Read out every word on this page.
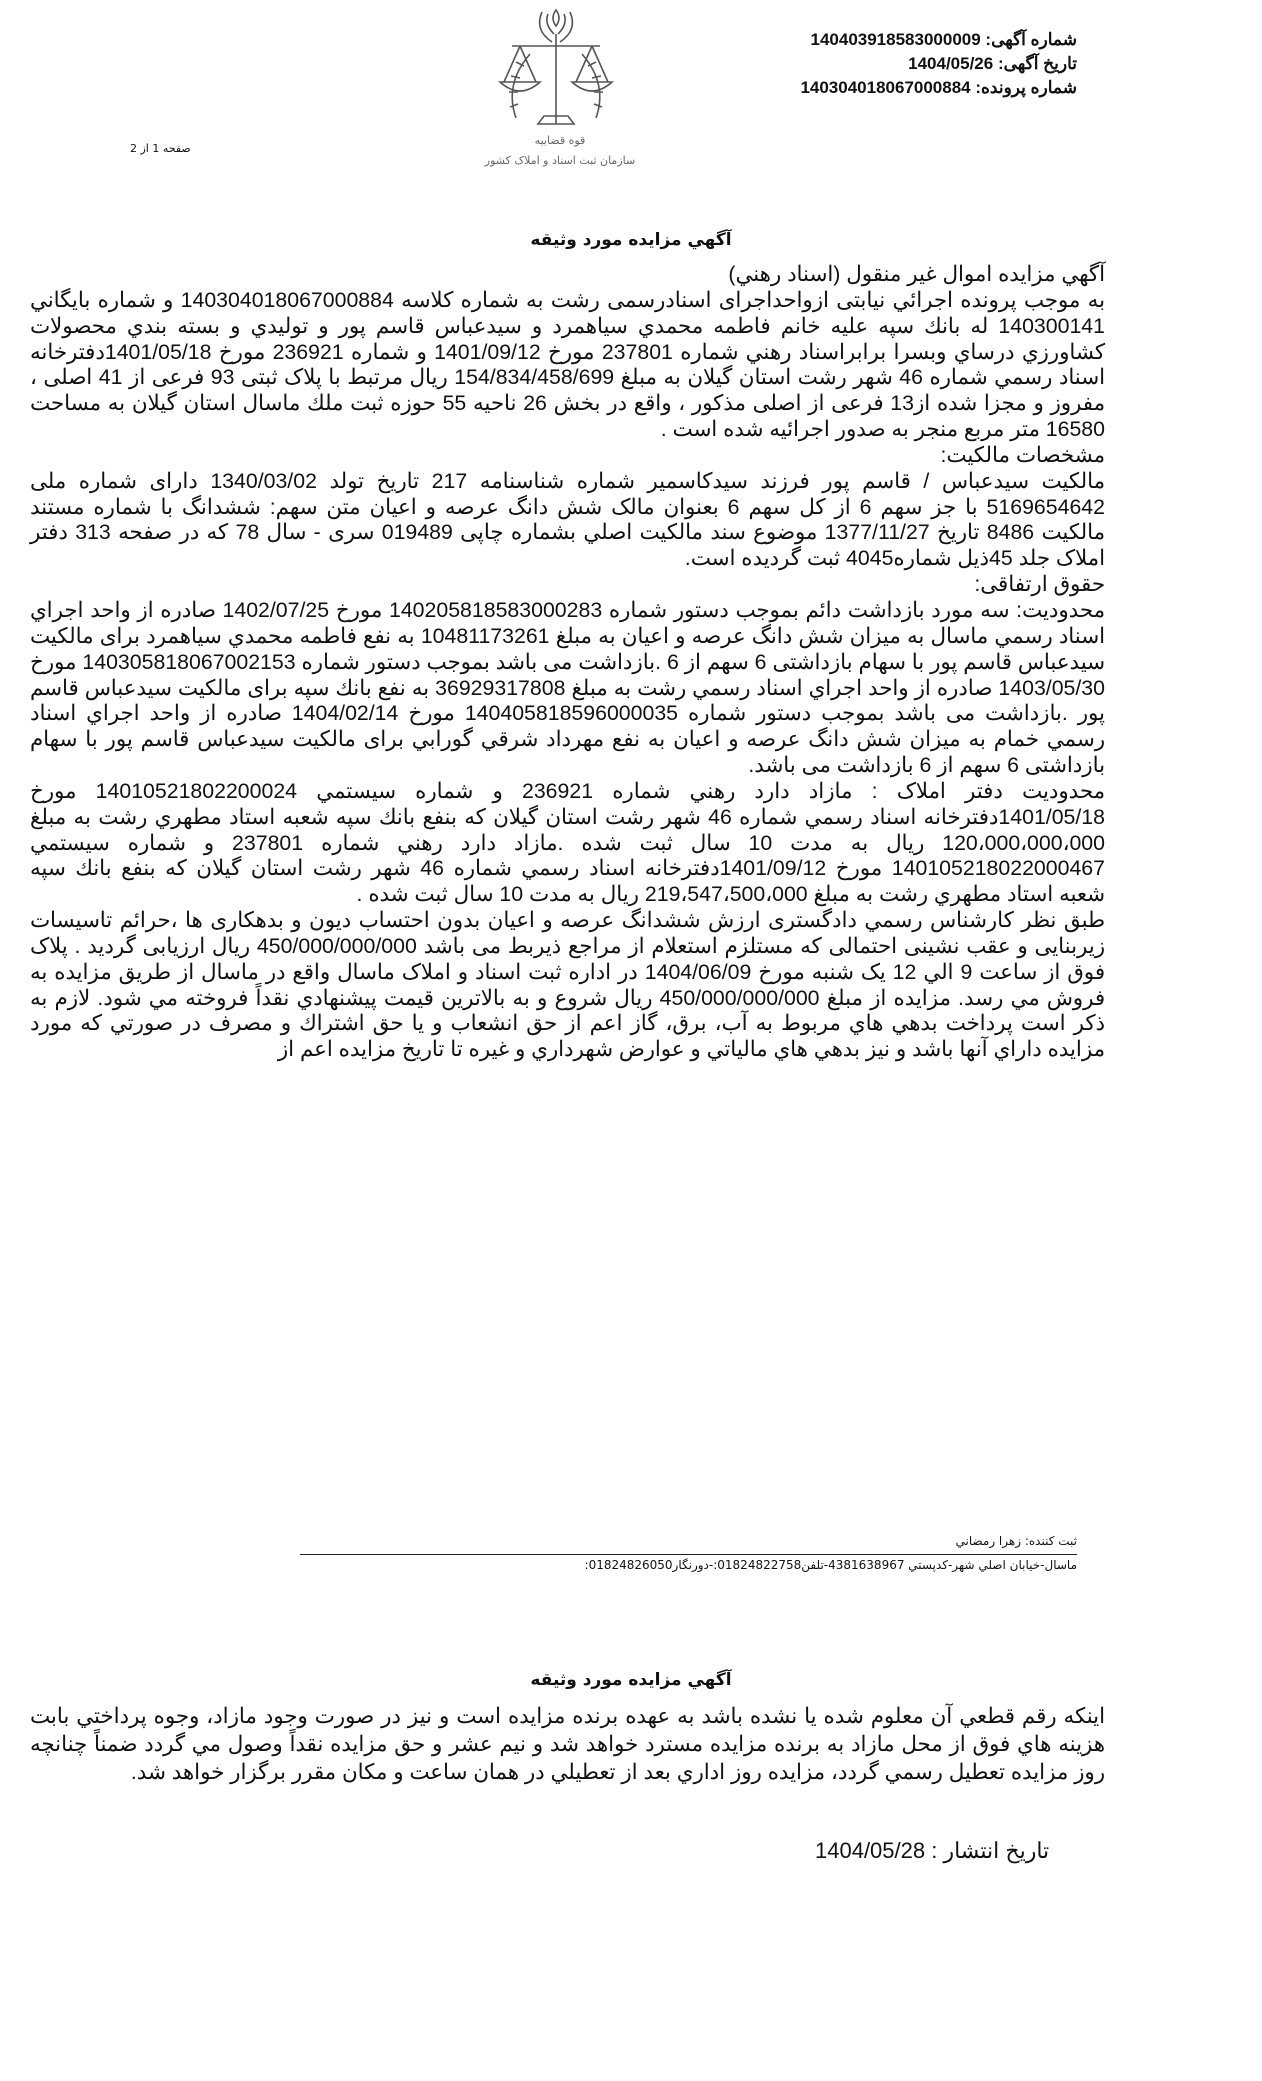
شماره آگهی: 140403918583000009
تاريخ آگهی: 1404/05/26
شماره پرونده: 140304018067000884
صفحه 1 از 2
قوه قضاییه
سازمان ثبت اسناد و املاک کشور
آگهي مزايده مورد وثيقه

آگهي مزايده اموال غير منقول (اسناد رهني)

به موجب پرونده اجرائي نيابتی ازواحداجرای اسنادرسمی رشت به شماره كلاسه 140304018067000884 و شماره بايگاني 140300141 له بانك سپه عليه خانم فاطمه محمدي سياهمرد و سيدعباس قاسم پور و توليدي و بسته بندي محصولات كشاورزي درساي وبسرا برابراسناد رهني شماره 237801 مورخ 1401/09/12 و شماره 236921 مورخ 1401/05/18دفترخانه اسناد رسمي شماره 46 شهر رشت استان گيلان به مبلغ 154/834/458/699 ريال مرتبط با پلاک ثبتی 93 فرعی از 41 اصلی ، مفروز و مجزا شده از13 فرعی از اصلی مذکور ، واقع در بخش 26 ناحیه 55 حوزه ثبت ملك ماسال استان گيلان به مساحت 16580 متر مربع منجر به صدور اجرائيه شده است .

مشخصات مالکیت:

مالکیت سیدعباس / قاسم پور فرزند سیدکاسمیر شماره شناسنامه 217 تاریخ تولد 1340/03/02 دارای شماره ملی 5169654642 با جز سهم 6 از کل سهم 6 بعنوان مالک شش دانگ عرصه و اعیان متن سهم: ششدانگ با شماره مستند مالکیت 8486 تاریخ 1377/11/27 موضوع سند مالکیت اصلي بشماره چاپی 019489 سری - سال 78 که در صفحه 313 دفتر املاک جلد 45ذیل شماره4045 ثبت گردیده است.

حقوق ارتفاقی:

محدودیت: سه مورد بازداشت دائم بموجب دستور شماره 140205818583000283 مورخ 1402/07/25 صادره از واحد اجراي اسناد رسمي ماسال به ميزان شش دانگ عرصه و اعيان به مبلغ 10481173261 به نفع فاطمه محمدي سياهمرد برای مالکیت سیدعباس قاسم پور با سهام بازداشتی 6 سهم از 6 .بازداشت می باشد بموجب دستور شماره 140305818067002153 مورخ 1403/05/30 صادره از واحد اجراي اسناد رسمي رشت به مبلغ 36929317808 به نفع بانك سپه برای مالکیت سیدعباس قاسم پور .بازداشت می باشد بموجب دستور شماره 140405818596000035 مورخ 1404/02/14 صادره از واحد اجراي اسناد رسمي خمام به ميزان شش دانگ عرصه و اعيان به نفع مهرداد شرقي گورابي برای مالکیت سیدعباس قاسم پور با سهام بازداشتی 6 سهم از 6 بازداشت می باشد.

محدوديت دفتر املاک : مازاد دارد رهني شماره 236921 و شماره سيستمي 14010521802200024 مورخ 1401/05/18دفترخانه اسناد رسمي شماره 46 شهر رشت استان گيلان كه بنفع بانك سپه شعبه استاد مطهري رشت به مبلغ 120،000،000،000 ريال به مدت 10 سال ثبت شده .مازاد دارد رهني شماره 237801 و شماره سيستمي 140105218022000467 مورخ 1401/09/12دفترخانه اسناد رسمي شماره 46 شهر رشت استان گيلان كه بنفع بانك سپه شعبه استاد مطهري رشت به مبلغ 219،547،500،000 ريال به مدت 10 سال ثبت شده .

طبق نظر کارشناس رسمي دادگستری ارزش ششدانگ عرصه و اعیان بدون احتساب ديون و بدهکاری ها ،حرائم تاسیسات زیربنایی و عقب نشینی احتمالی که مستلزم استعلام از مراجع ذیربط می باشد 450/000/000/000 ريال ارزيابی گرديد . پلاک فوق از ساعت 9 الي 12 یک شنبه مورخ 1404/06/09 در اداره ثبت اسناد و املاک ماسال واقع در ماسال از طريق مزايده به فروش مي رسد. مزايده از مبلغ 450/000/000/000 ريال شروع و به بالاترين قيمت پيشنهادي نقداً فروخته مي شود. لازم به ذکر است پرداخت بدهي هاي مربوط به آب، برق، گاز اعم از حق انشعاب و يا حق اشتراك و مصرف در صورتي كه مورد مزايده داراي آنها باشد و نيز بدهي هاي مالياتي و عوارض شهرداري و غيره تا تاريخ مزايده اعم از

ثبت كننده: زهرا رمضاني
ماسال-خيابان اصلي شهر-كدپستي 4381638967-تلفن01824822758:-دورنگار01824826050:
آگهي مزايده مورد وثيقه

اينكه رقم قطعي آن معلوم شده يا نشده باشد به عهده برنده مزايده است و نيز در صورت وجود مازاد، وجوه پرداختي بابت هزينه هاي فوق از محل مازاد به برنده مزايده مسترد خواهد شد و نيم عشر و حق مزايده نقداً وصول مي گردد ضمناً چنانچه روز مزايده تعطيل رسمي گردد، مزايده روز اداري بعد از تعطيلي در همان ساعت و مكان مقرر برگزار خواهد شد.

تاريخ انتشار : 1404/05/28
